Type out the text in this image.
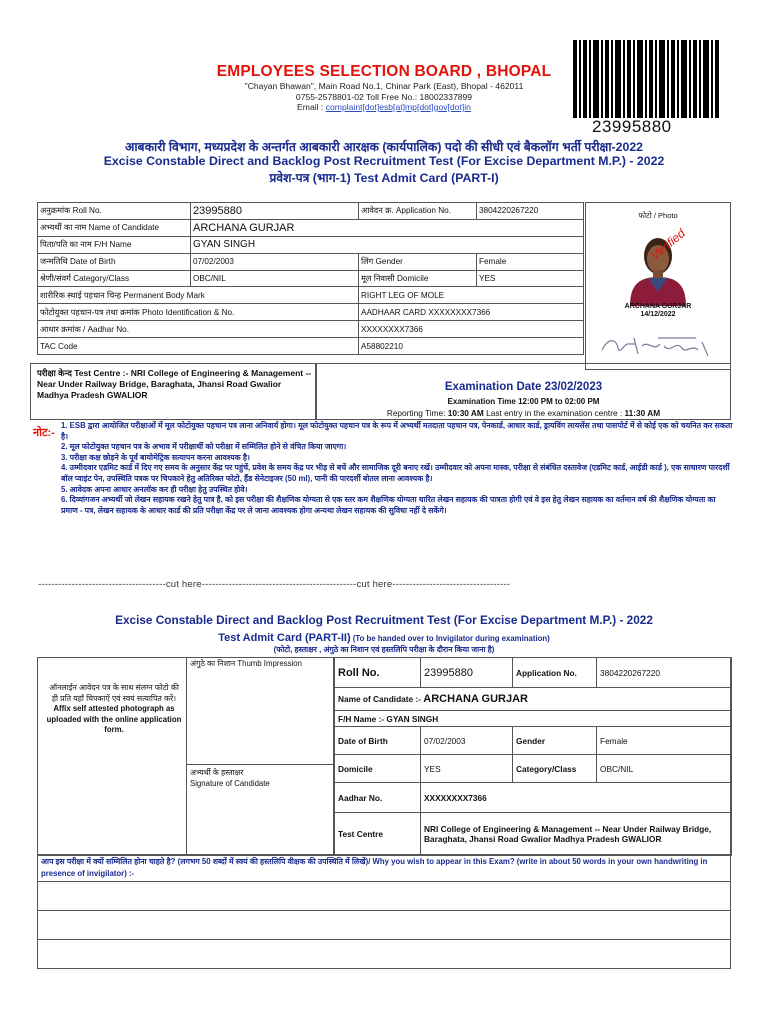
EMPLOYEES SELECTION BOARD , BHOPAL
"Chayan Bhawan", Main Road No.1, Chinar Park (East), Bhopal - 462011
0755-2578801-02 Toll Free No.: 18002337899
Email : complaint[dot]esb[at]mp[dot]gov[dot]in
23995880
आबकारी विभाग, मध्यप्रदेश के अन्तर्गत आबकारी आरक्षक (कार्यपालिक) पदो की सीधी एवं बैकलॉग भर्ती परीक्षा-2022
Excise Constable Direct and Backlog Post Recruitment Test (For Excise Department M.P.) - 2022
प्रवेश-पत्र (भाग-1) Test Admit Card (PART-I)
अनुक्रमांक Roll No.	23995880	आवेदन क्र. Application No.	3804220267220
अभ्यर्थी का नाम Name of Candidate	ARCHANA GURJAR		
पिता/पति का नाम F/H Name	GYAN SINGH		
जन्मतिथि Date of Birth	07/02/2003	लिंग Gender	Female
श्रेणी/संवर्ग Category/Class	OBC/NIL	मूल निवासी Domicile	YES
शारीरिक स्थाई पहचान चिन्ह Permanent Body Mark		RIGHT LEG OF MOLE	
फोटोयुक्त पहचान-पत्र तथा क्रमांक Photo Identification & No.		AADHAAR CARD XXXXXXXX7366	
आधार क्रमांक / Aadhar No.		XXXXXXXX7366	
TAC Code		A58802210	
फोटो / Photo
Verified
ARCHANA GURJAR
14/12/2022
परीक्षा केन्द Test Centre :- NRI College of Engineering & Management -- Near Under Railway Bridge, Baraghata, Jhansi Road Gwalior Madhya Pradesh GWALIOR
Examination Date 23/02/2023
Examination Time 12:00 PM to 02:00 PM
Reporting Time: 10:30 AM Last entry in the examination centre : 11:30 AM
नोट:-

1. ESB द्वारा आयोजित परीक्षाओं में मूल फोटोयुक्त पहचान पत्र लाना अनिवार्य होगा। मूल फोटोयुक्त पहचान पत्र के रूप में अभ्यर्थी मतदाता पहचान पत्र, पेनकार्ड, आधार कार्ड, ड्रायविंग लायसेंस तथा पासपोर्ट में से कोई एक को चयनित कर सकता है।

2. मूल फोटोयुक्त पहचान पत्र के अभाव में परीक्षार्थी को परीक्षा में सम्मिलित होने से वंचित किया जाएगा।

3. परीक्षा कक्ष छोड़ने के पूर्व बायोमेट्रिक सत्यापन करना आवश्यक है।

4. उम्मीदवार एडमिट कार्ड में दिए गए समय के अनुसार केंद्र पर पहुंचें, प्रवेश के समय केंद्र पर भीड़ से बचें और सामाजिक दूरी बनाए रखें। उम्मीदवार को अपना मास्क, परीक्षा से संबंधित दस्तावेज (एडमिट कार्ड, आईडी कार्ड ), एक साधारण पारदर्शी बॉल प्वाइंट पेन, उपस्थिति पत्रक पर चिपकाने हेतु अतिरिक्त फोटो, हैंड सेनेटाइजर (50 ml), पानी की पारदर्शी बोतल लाना आवश्यक है।

5. आवेदक अपना आधार अनलॉक कर ही परीक्षा हेतु उपस्थित होवे।

6. दिव्यांगजन अभ्यर्थी जो लेखन सहायक रखने हेतु पात्र है, को इस परीक्षा की शैक्षणिक योग्यता से एक स्तर कम शैक्षणिक योग्यता धारित लेखन सहायक की पात्रता होगी एवं वे इस हेतु लेखन सहायक का वर्तमान वर्ष की शैक्षणिक योग्यता का प्रमाण - पत्र, लेखन सहायक के आधार कार्ड की प्रति परीक्षा केंद्र पर ले जाना आवश्यक होगा अन्यथा लेखन सहायक की सुविधा नहीं दे सकेंगे।

--------------------------------------cut here----------------------------------------------cut here-----------------------------------
Excise Constable Direct and Backlog Post Recruitment Test (For Excise Department M.P.) - 2022
Test Admit Card (PART-II) (To be handed over to Invigilator during examination)
(फोटो, हस्ताक्षर , अंगुठे का निशान एवं हस्तलिपि परीक्षा के दौरान किया जाना है)
ऑनलाईन आवेदन पत्र के साथ संलग्न फोटो की ही प्रति यहाँ चिपकाऐं एवं स्वयं सत्यापित करें।
Affix self attested photograph as uploaded with the online application form.
अंगुठे का निशान Thumb Impression
अभ्यर्थी के हस्ताक्षर
Signature of Candidate
Roll No.	23995880	Application No.	3804220267220
Name of Candidate :- ARCHANA GURJAR			
F/H Name :- GYAN SINGH			
Date of Birth	07/02/2003	Gender	Female
Domicile	YES	Category/Class	OBC/NIL
Aadhar No.	XXXXXXXX7366		
Test Centre	NRI College of Engineering & Management -- Near Under Railway Bridge, Baraghata, Jhansi Road Gwalior Madhya Pradesh GWALIOR		
आप इस परीक्षा में क्यों सम्मिलित होना चाहते है? (लगभग 50 शब्दों में स्वयं की हस्तलिपि वीक्षक की उपस्थिति में लिखें)/ Why you wish to appear in this Exam? (write in about 50 words in your own handwriting in presence of invigilator) :-
